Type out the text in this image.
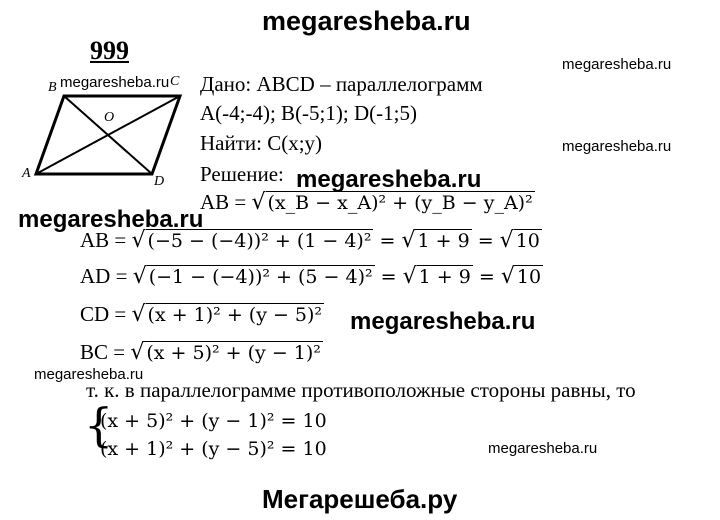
megaresheba.ru
999
B	C
A
D
O
megaresheba.ru Дано: ABCD – параллелограмм
A(-4;-4); B(-5;1); D(-1;5)
Найти: C(x;y)
Решение:
AB = √ (x_B − x_A)² + (y_B − y_A)²
AB = √ (−5 − (−4))² + (1 − 4)² = √ 1 + 9 = √ 10
AD = √ (−1 − (−4))² + (5 − 4)² = √ 1 + 9 = √ 10
CD = √ (x + 1)² + (y − 5)²
BC = √ (x + 5)² + (y − 1)²
т. к. в параллелограмме противоположные стороны равны, то
{
(x + 5)² + (y − 1)² = 10
(x + 1)² + (y − 5)² = 10
megaresheba.ru
megaresheba.ru
megaresheba.ru
megaresheba.ru
megaresheba.ru
megaresheba.ru
megaresheba.ru
Мегарешеба.ру
